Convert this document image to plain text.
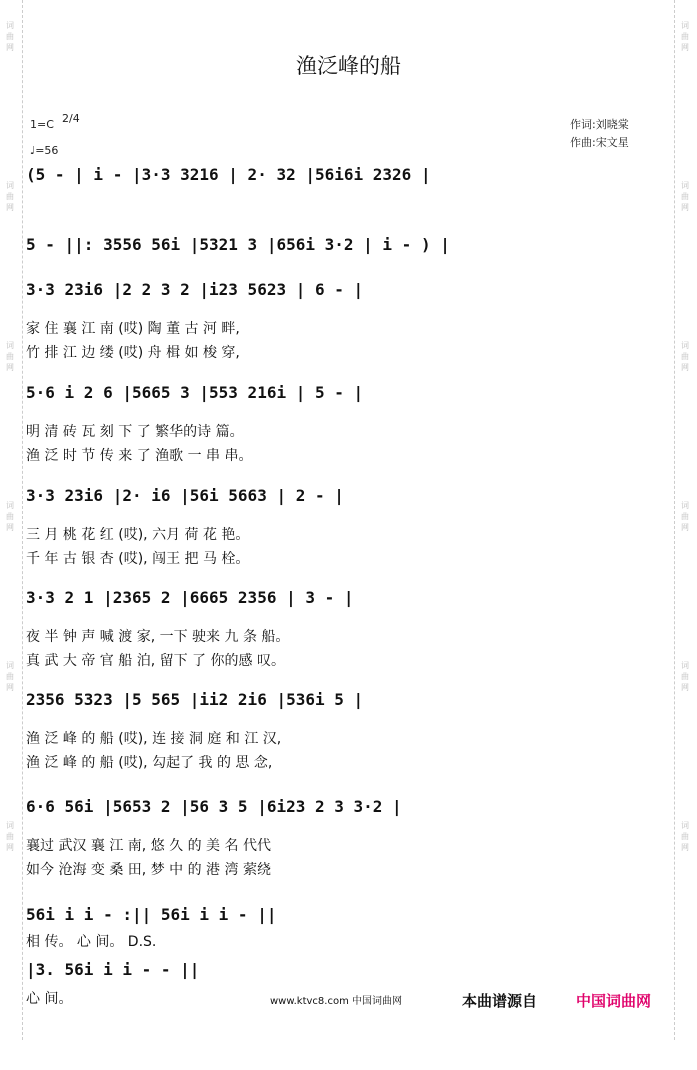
词 曲 网
词 曲 网
词 曲 网
词 曲 网
词 曲 网
词 曲 网
词 曲 网
词 曲 网
词 曲 网
词 曲 网
词 曲 网
词 曲 网
渔泛峰的船
1=C 2/4
♩=56
作词:刘晓棠
作曲:宋文星
(5 - | i - |3·3 3216 | 2· 32 |56i6i 2326 |
5 - ||: 3556 56i |5321 3 |656i 3·2 | i - ) |
3·3 23i6 |2 2 3 2 |i23 5623 | 6 - |
家 住 襄 江 南 (哎) 陶 董 古 河 畔,
竹 排 江 边 缕 (哎) 舟 楫 如 梭 穿,
5·6 i 2 6 |5665 3 |553 216i | 5 - |
明 清 砖 瓦 刻 下 了 繁华的诗 篇。
渔 泛 时 节 传 来 了 渔歌 一 串 串。
3·3 23i6 |2· i6 |56i 5663 | 2 - |
三 月 桃 花 红 (哎), 六月 荷 花 艳。
千 年 古 银 杏 (哎), 闯王 把 马 栓。
3·3 2 1 |2365 2 |6665 2356 | 3 - |
夜 半 钟 声 喊 渡 家, 一下 驶来 九 条 船。
真 武 大 帝 官 船 泊, 留下 了 你的感 叹。
2356 5323 |5 565 |ii2 2i6 |536i 5 |
渔 泛 峰 的 船 (哎), 连 接 洞 庭 和 江 汉,
渔 泛 峰 的 船 (哎), 勾起了 我 的 思 念,
6·6 56i |5653 2 |56 3 5 |6i23 2 3 3·2 |
襄过 武汉 襄 江 南, 悠 久 的 美 名 代代
如今 沧海 变 桑 田, 梦 中 的 港 湾 萦绕
56i i i - :|| 56i i i - ||
相 传。 心 间。 D.S.
|3. 56i i i - - ||
心 间。	www.ktvc8.com 中国词曲网	本曲谱源自	中国词曲网
